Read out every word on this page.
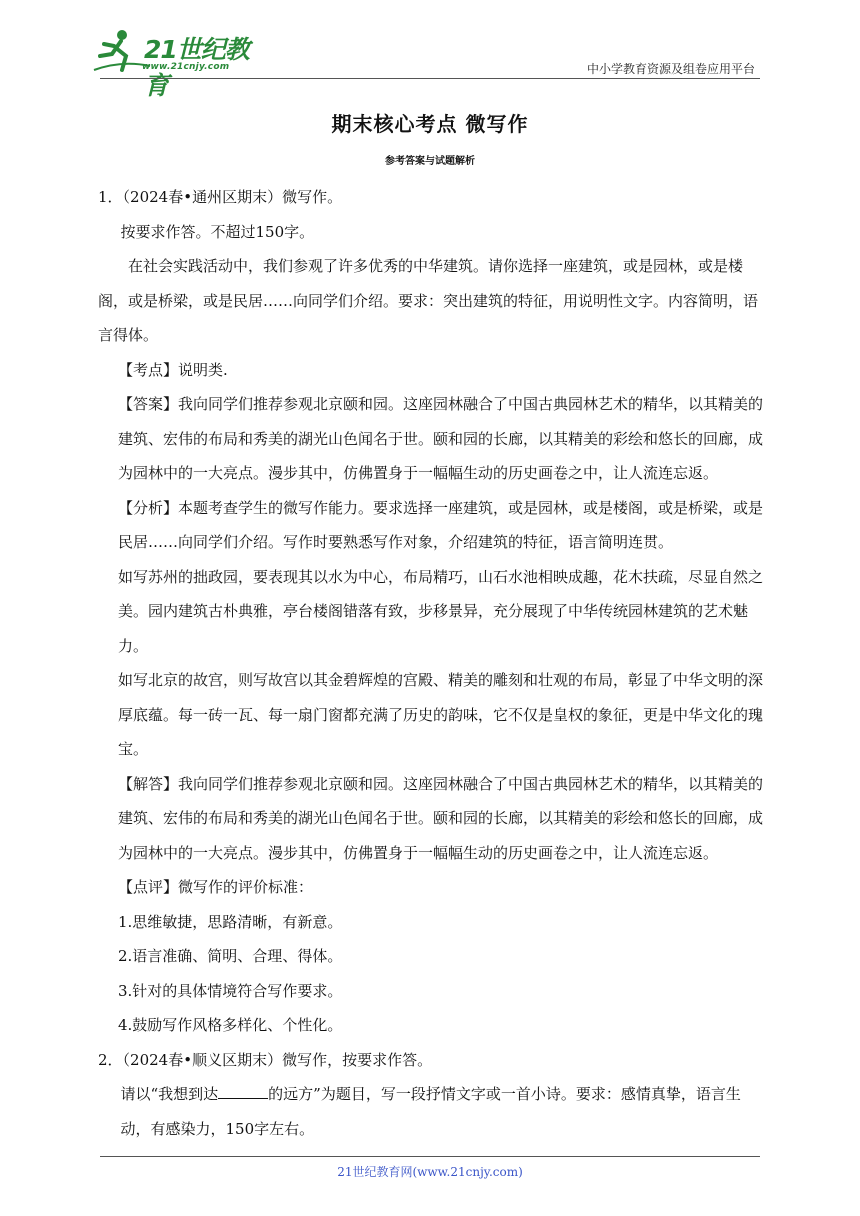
21世纪教育
www.21cnjy.com	中小学教育资源及组卷应用平台
期末核心考点 微写作
参考答案与试题解析

1．（2024春•通州区期末）微写作。

按要求作答。不超过150字。

在社会实践活动中，我们参观了许多优秀的中华建筑。请你选择一座建筑，或是园林，或是楼阁，或是桥梁，或是民居……向同学们介绍。要求：突出建筑的特征，用说明性文字。内容简明，语言得体。

【考点】说明类.

【答案】我向同学们推荐参观北京颐和园。这座园林融合了中国古典园林艺术的精华，以其精美的建筑、宏伟的布局和秀美的湖光山色闻名于世。颐和园的长廊，以其精美的彩绘和悠长的回廊，成为园林中的一大亮点。漫步其中，仿佛置身于一幅幅生动的历史画卷之中，让人流连忘返。

【分析】本题考查学生的微写作能力。要求选择一座建筑，或是园林，或是楼阁，或是桥梁，或是民居……向同学们介绍。写作时要熟悉写作对象，介绍建筑的特征，语言简明连贯。

如写苏州的拙政园，要表现其以水为中心，布局精巧，山石水池相映成趣，花木扶疏，尽显自然之美。园内建筑古朴典雅，亭台楼阁错落有致，步移景异，充分展现了中华传统园林建筑的艺术魅力。

如写北京的故宫，则写故宫以其金碧辉煌的宫殿、精美的雕刻和壮观的布局，彰显了中华文明的深厚底蕴。每一砖一瓦、每一扇门窗都充满了历史的韵味，它不仅是皇权的象征，更是中华文化的瑰宝。

【解答】我向同学们推荐参观北京颐和园。这座园林融合了中国古典园林艺术的精华，以其精美的建筑、宏伟的布局和秀美的湖光山色闻名于世。颐和园的长廊，以其精美的彩绘和悠长的回廊，成为园林中的一大亮点。漫步其中，仿佛置身于一幅幅生动的历史画卷之中，让人流连忘返。

【点评】微写作的评价标准：

1.思维敏捷，思路清晰，有新意。

2.语言准确、简明、合理、得体。

3.针对的具体情境符合写作要求。

4.鼓励写作风格多样化、个性化。

2．（2024春•顺义区期末）微写作，按要求作答。

请以“我想到达	的远方”为题目，写一段抒情文字或一首小诗。要求：感情真挚，语言生动，有感染力，150字左右。

21世纪教育网(www.21cnjy.com)
